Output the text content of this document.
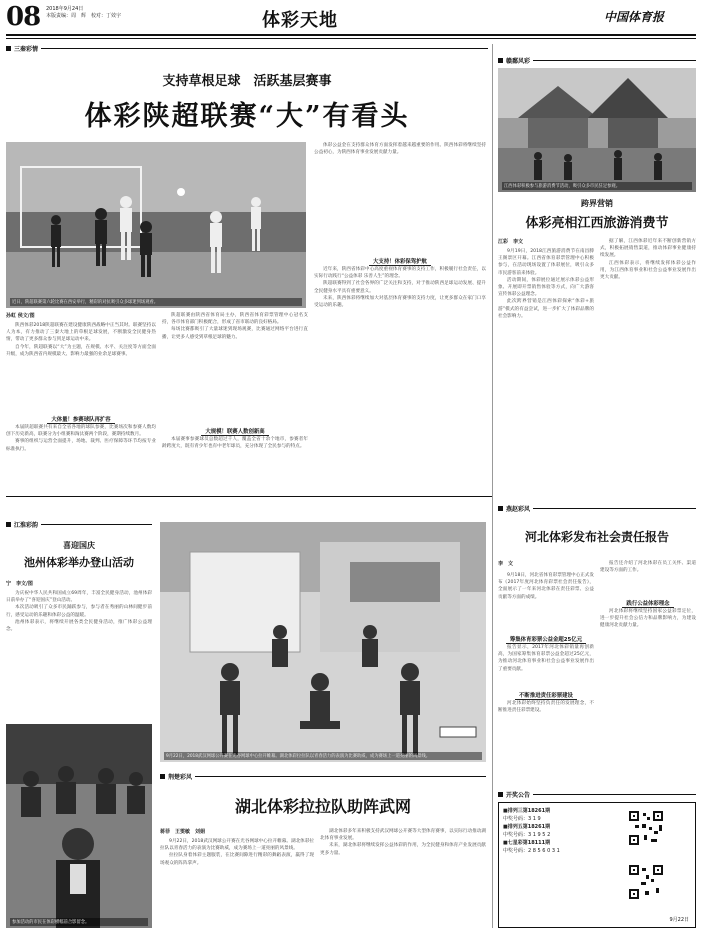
08 2018年9月24日
本版责编：周　辉　校对：丁效宇	体彩天地	中国体育报
三秦彩情
支持草根足球　活跃基层赛事
体彩陕超联赛“大”有看头
近日，陕超联赛第六轮比赛在西安举行，精彩的对抗吸引众多球迷到场观看。
孙虹 侯文/图
陕西体彩2018陕超联赛在建设健康陕西战略中正当其时。联赛坚持以人为本，有力推动了三秦大地上的草根足球发展，不断激发全民健身热情，带动了更多群众参与到足球运动中来。
自今年，陕超联赛以“大”为主题，在规模、水平、关注度等方面全面升级，成为陕西省内规模最大、影响力最强的业余足球赛事。
大体量！参赛球队再扩容
本届陕超联赛共有来自全省各地的球队参赛，比赛场次和参赛人数均创下历史新高，联赛分为小组赛和淘汰赛两个阶段，赛期持续数月。
赛事的组织与运营全面提升，场地、裁判、医疗保障等环节均按专业标准执行。
陕超联赛由陕西省体育局主办，陕西省体育彩票管理中心冠名支持，各市体育部门积极配合，形成了省市联动的良好格局。
每场比赛都吸引了大量球迷到现场观赛，比赛通过网络平台进行直播，让更多人感受到草根足球的魅力。
大规模！联赛人数创新高
本届赛事参赛球员总数超过千人，覆盖全省十余个地市，参赛者年龄跨度大，既有青少年也有中老年球员，充分体现了全民参与的特点。
体彩公益金在支持群众体育方面发挥着越来越重要的作用。陕西体彩将继续坚持公益初心，为陕西体育事业发展贡献力量。
大支持！体彩保驾护航
近年来，陕西省体彩中心高度重视体育赛事的支持工作，积极履行社会责任，以实际行动践行“公益体彩 乐善人生”的理念。
陕超联赛得到了社会各界的广泛关注和支持，对于推动陕西足球运动发展、提升全民健身水平具有重要意义。
未来，陕西体彩将继续加大对基层体育赛事的支持力度，让更多群众在家门口享受运动的乐趣。
赣鄱风彩
江西体彩积极参与旅游消费节活动，吸引众多市民驻足参观。
跨界营销
体彩亮相江西旅游消费节
江彩　李文
9月19日，2018江西旅游消费节在南昌滕王阁景区开幕。江西省体育彩票管理中心积极参与，在活动现场设置了体彩展位，吸引众多市民游客前来体验。
活动期间，体彩展位通过展示体彩公益形象、开展即开票销售体验等方式，向广大游客宣传体彩公益理念。
此次跨界营销是江西体彩探索“体彩+旅游”模式的有益尝试，进一步扩大了体彩品牌的社会影响力。
据了解，江西体彩近年来不断创新营销方式，积极拓展销售渠道，推动体彩事业健康持续发展。
江西体彩表示，将继续发挥体彩公益作用，为江西体育事业和社会公益事业发展作出更大贡献。
燕赵彩风
河北体彩发布社会责任报告
李　文
9月18日，河北省体育彩票管理中心正式发布《2017年度河北体育彩票社会责任报告》，全面展示了一年来河北体彩在责任彩票、公益贡献等方面的成绩。
筹集体育彩票公益金超25亿元
报告显示，2017年河北体彩销量再创新高，为国家筹集体育彩票公益金超过25亿元，为推动河北体育事业和社会公益事业发展作出了重要贡献。
不断推进责任彩票建设
河北体彩始终坚持负责任的发展理念，不断推进责任彩票建设。
报告还介绍了河北体彩在员工关怀、渠道建设等方面的工作。
践行公益体彩理念
河北体彩将继续坚持国家公益彩票定位，进一步提升社会公信力和品牌影响力，为建设健康河北贡献力量。
开奖公告
■排列三第18261期
中奖号码：3 1 9
■排列五第18261期
中奖号码：3 1 9 5 2
■七星彩第18111期
中奖号码：2 8 5 6 0 3 1
9月22日
江淮彩韵
喜迎国庆
池州体彩举办登山活动
宁　李文/图
为庆祝中华人民共和国成立69周年，丰富全民健身活动，池州体彩日前举办了“喜迎国庆”登山活动。
本次活动吸引了众多市民踊跃参与，参与者在秀丽的山林间健步前行，感受运动的乐趣和体彩公益的温暖。
池州体彩表示，将继续开展各类全民健身活动，推广体彩公益理念。
参加活动的市民在体彩横幅前合影留念。
9月22日，2018武汉网球公开赛在光谷网球中心拉开帷幕。湖北体彩拉拉队以青春活力的表演为比赛助威，成为赛场上一道亮丽的风景线。
荆楚彩风
湖北体彩拉拉队助阵武网
蒋菲　王雯敏　刘娟
9月22日，2018武汉网球公开赛在光谷网球中心拉开帷幕。湖北体彩拉拉队以青春活力的表演为比赛助威，成为赛场上一道亮丽的风景线。
拉拉队身着体彩主题服装，在比赛间隙进行精彩的舞蹈表演，赢得了现场观众的阵阵掌声。
湖北体彩多年来积极支持武汉网球公开赛等大型体育赛事，以实际行动推动湖北体育事业发展。
未来，湖北体彩将继续发挥公益体彩的作用，为全民健身和体育产业发展贡献更多力量。
